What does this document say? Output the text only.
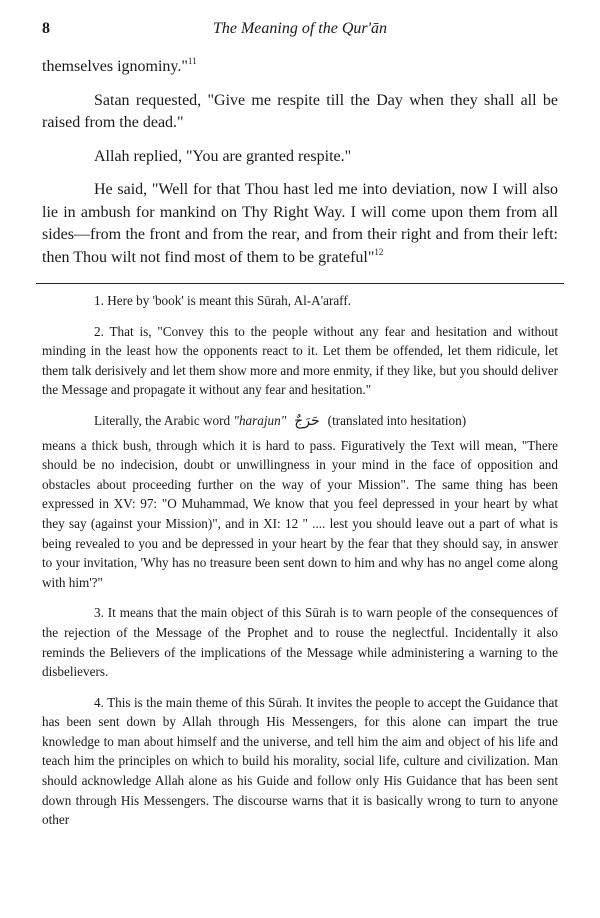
8	The Meaning of the Qur'ān

themselves ignominy."$^{11}$

Satan requested, "Give me respite till the Day when they shall all be raised from the dead."

Allah replied, "You are granted respite."

He said, "Well for that Thou hast led me into deviation, now I will also lie in ambush for mankind on Thy Right Way. I will come upon them from all sides—from the front and from the rear, and from their right and from their left: then Thou wilt not find most of them to be grateful"$^{12}$

1. Here by 'book' is meant this Sūrah, Al-A'araff.

2. That is, "Convey this to the people without any fear and hesitation and without minding in the least how the opponents react to it. Let them be offended, let them ridicule, let them talk derisively and let them show more and more enmity, if they like, but you should deliver the Message and propagate it without any fear and hesitation."

Literally, the Arabic word "harajun" حَرَجٌ (translated into hesitation)

means a thick bush, through which it is hard to pass. Figuratively the Text will mean, "There should be no indecision, doubt or unwillingness in your mind in the face of opposition and obstacles about proceeding further on the way of your Mission". The same thing has been expressed in XV: 97: "O Muhammad, We know that you feel depressed in your heart by what they say (against your Mission)", and in XI: 12 " .... lest you should leave out a part of what is being revealed to you and be depressed in your heart by the fear that they should say, in answer to your invitation, 'Why has no treasure been sent down to him and why has no angel come along with him'?"

3. It means that the main object of this Sūrah is to warn people of the consequences of the rejection of the Message of the Prophet and to rouse the neglectful. Incidentally it also reminds the Believers of the implications of the Message while administering a warning to the disbelievers.

4. This is the main theme of this Sūrah. It invites the people to accept the Guidance that has been sent down by Allah through His Messengers, for this alone can impart the true knowledge to man about himself and the universe, and tell him the aim and object of his life and teach him the principles on which to build his morality, social life, culture and civilization. Man should acknowledge Allah alone as his Guide and follow only His Guidance that has been sent down through His Messengers. The discourse warns that it is basically wrong to turn to anyone other
